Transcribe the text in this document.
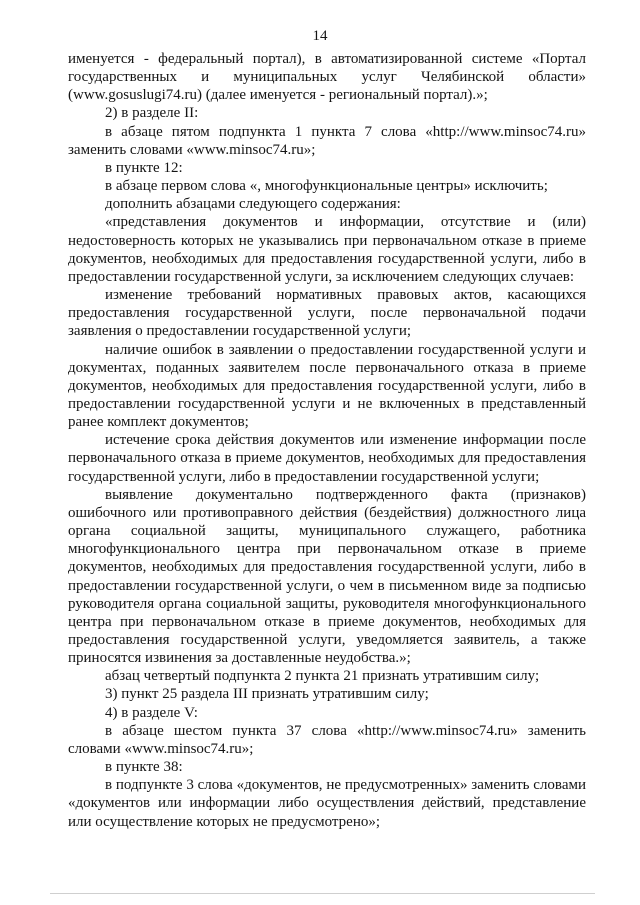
14

именуется - федеральный портал), в автоматизированной системе «Портал государственных и муниципальных услуг Челябинской области» (www.gosuslugi74.ru) (далее именуется - региональный портал).»;

2) в разделе II:

в абзаце пятом подпункта 1 пункта 7 слова «http://www.minsoc74.ru» заменить словами «www.minsoc74.ru»;

в пункте 12:

в абзаце первом слова «, многофункциональные центры» исключить;

дополнить абзацами следующего содержания:

«представления документов и информации, отсутствие и (или) недостоверность которых не указывались при первоначальном отказе в приеме документов, необходимых для предоставления государственной услуги, либо в предоставлении государственной услуги, за исключением следующих случаев:

изменение требований нормативных правовых актов, касающихся предоставления государственной услуги, после первоначальной подачи заявления о предоставлении государственной услуги;

наличие ошибок в заявлении о предоставлении государственной услуги и документах, поданных заявителем после первоначального отказа в приеме документов, необходимых для предоставления государственной услуги, либо в предоставлении государственной услуги и не включенных в представленный ранее комплект документов;

истечение срока действия документов или изменение информации после первоначального отказа в приеме документов, необходимых для предоставления государственной услуги, либо в предоставлении государственной услуги;

выявление документально подтвержденного факта (признаков) ошибочного или противоправного действия (бездействия) должностного лица органа социальной защиты, муниципального служащего, работника многофункционального центра при первоначальном отказе в приеме документов, необходимых для предоставления государственной услуги, либо в предоставлении государственной услуги, о чем в письменном виде за подписью руководителя органа социальной защиты, руководителя многофункционального центра при первоначальном отказе в приеме документов, необходимых для предоставления государственной услуги, уведомляется заявитель, а также приносятся извинения за доставленные неудобства.»;

абзац четвертый подпункта 2 пункта 21 признать утратившим силу;

3) пункт 25 раздела III признать утратившим силу;

4) в разделе V:

в абзаце шестом пункта 37 слова «http://www.minsoc74.ru» заменить словами «www.minsoc74.ru»;

в пункте 38:

в подпункте 3 слова «документов, не предусмотренных» заменить словами «документов или информации либо осуществления действий, представление или осуществление которых не предусмотрено»;
